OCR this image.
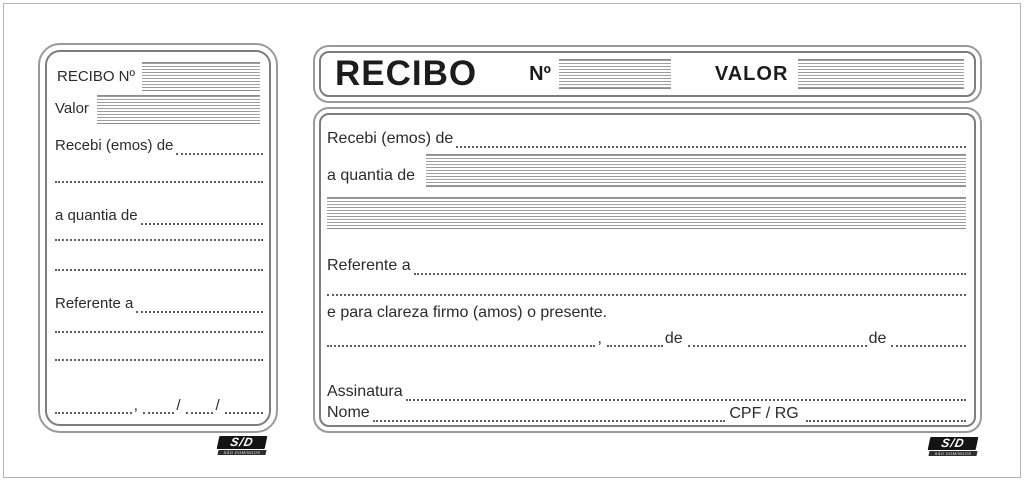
RECIBO Nº
Valor
Recebi (emos) de
a quantia de
Referente a
,	/ /
S/D
SÃO DOMINGOS
RECIBO	Nº	VALOR
Recebi (emos) de
a quantia de
Referente a
e para clareza firmo (amos) o presente.
,	de	de
Assinatura
Nome	CPF / RG
S/D
SÃO DOMINGOS
